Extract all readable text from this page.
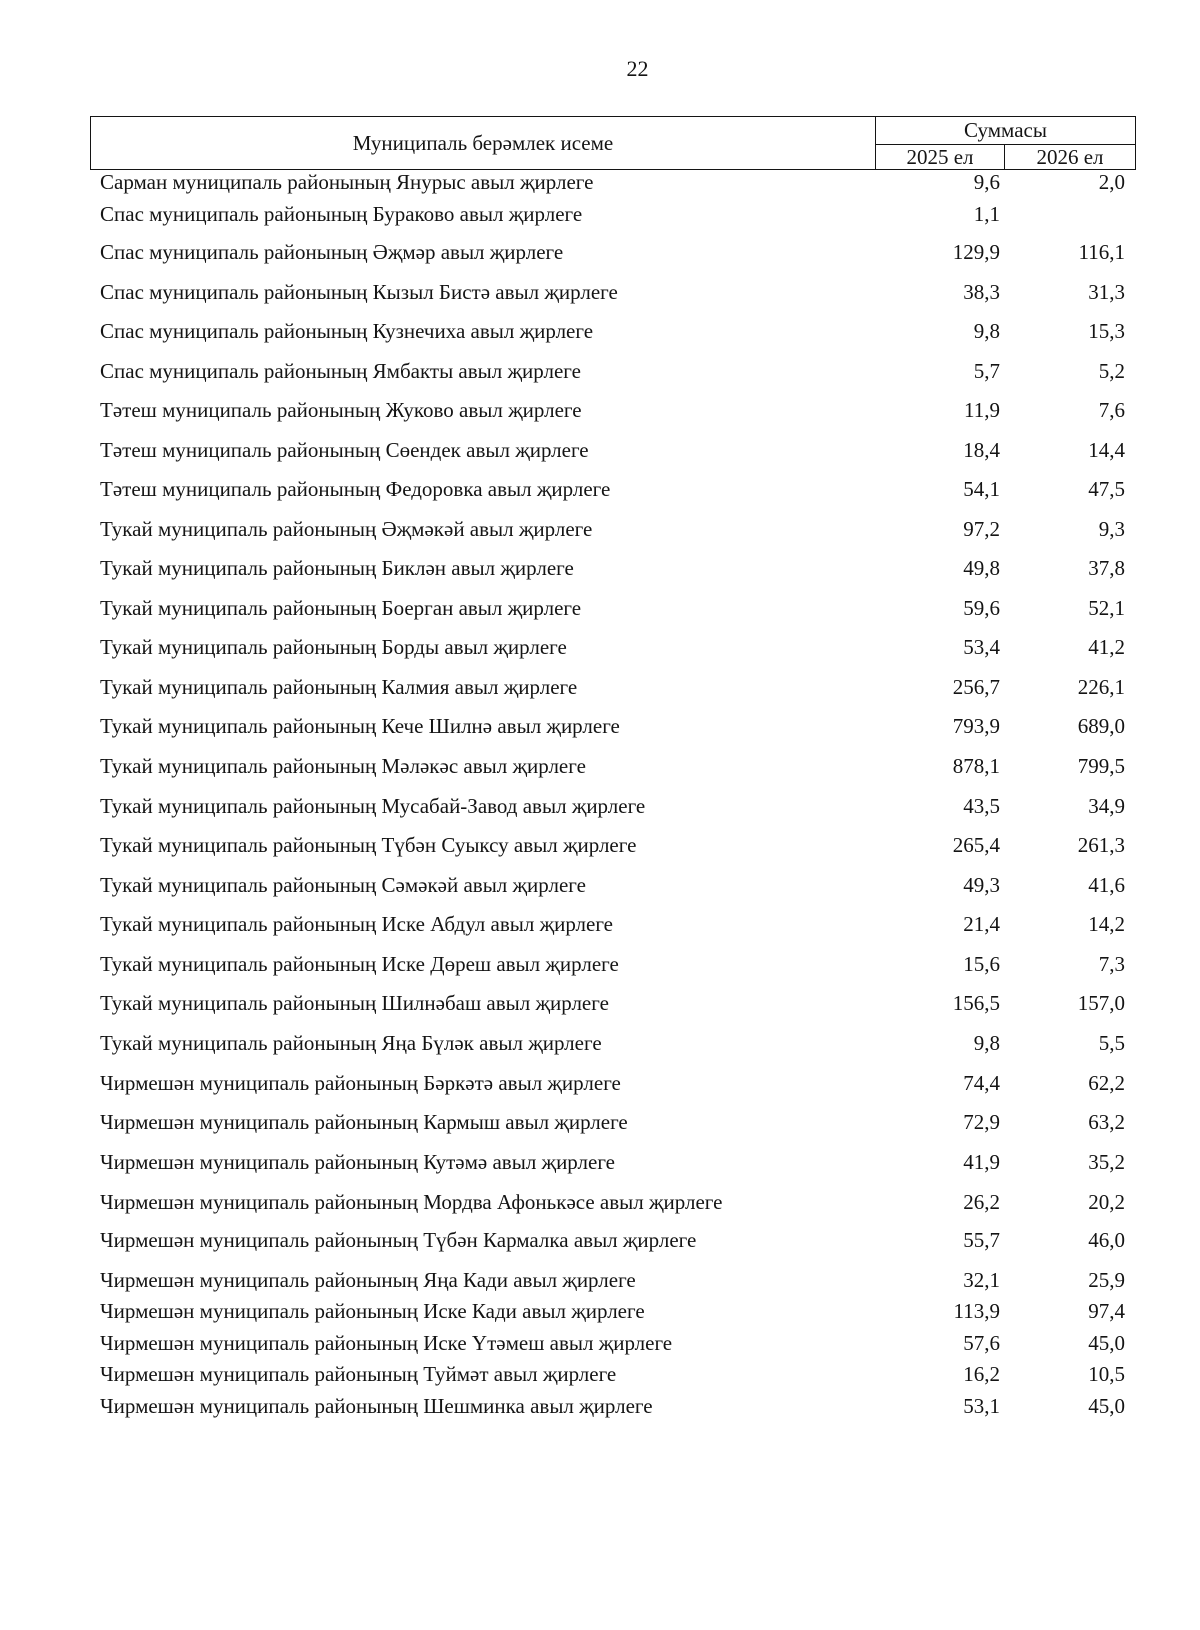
22
Муниципаль берәмлек исеме
Суммасы
2025 ел	2026 ел
Сарман муниципаль районының Янурыс авыл җирлеге	9,6	2,0
Спас муниципаль районының Бураково авыл җирлеге	1,1
Спас муниципаль районының Әҗмәр авыл җирлеге	129,9	116,1
Спас муниципаль районының Кызыл Бистә авыл җирлеге	38,3	31,3
Спас муниципаль районының Кузнечиха авыл җирлеге	9,8	15,3
Спас муниципаль районының Ямбакты авыл җирлеге	5,7	5,2
Тәтеш муниципаль районының Жуково авыл җирлеге	11,9	7,6
Тәтеш муниципаль районының Сөендек авыл җирлеге	18,4	14,4
Тәтеш муниципаль районының Федоровка авыл җирлеге	54,1	47,5
Тукай муниципаль районының Әҗмәкәй авыл җирлеге	97,2	9,3
Тукай муниципаль районының Биклән авыл җирлеге	49,8	37,8
Тукай муниципаль районының Боерган авыл җирлеге	59,6	52,1
Тукай муниципаль районының Борды авыл җирлеге	53,4	41,2
Тукай муниципаль районының Калмия авыл җирлеге	256,7	226,1
Тукай муниципаль районының Кече Шилнә авыл җирлеге	793,9	689,0
Тукай муниципаль районының Мәләкәс авыл җирлеге	878,1	799,5
Тукай муниципаль районының Мусабай-Завод авыл җирлеге	43,5	34,9
Тукай муниципаль районының Түбән Суыксу авыл җирлеге	265,4	261,3
Тукай муниципаль районының Сәмәкәй авыл җирлеге	49,3	41,6
Тукай муниципаль районының Иске Абдул авыл җирлеге	21,4	14,2
Тукай муниципаль районының Иске Дөреш авыл җирлеге	15,6	7,3
Тукай муниципаль районының Шилнәбаш авыл җирлеге	156,5	157,0
Тукай муниципаль районының Яңа Бүләк авыл җирлеге	9,8	5,5
Чирмешән муниципаль районының Бәркәтә авыл җирлеге	74,4	62,2
Чирмешән муниципаль районының Кармыш авыл җирлеге	72,9	63,2
Чирмешән муниципаль районының Кутәмә авыл җирлеге	41,9	35,2
Чирмешән муниципаль районының Мордва Афонькәсе авыл җирлеге	26,2	20,2
Чирмешән муниципаль районының Түбән Кармалка авыл җирлеге	55,7	46,0
Чирмешән муниципаль районының Яңа Кади авыл җирлеге	32,1	25,9
Чирмешән муниципаль районының Иске Кади авыл җирлеге	113,9	97,4
Чирмешән муниципаль районының Иске Үтәмеш авыл җирлеге	57,6	45,0
Чирмешән муниципаль районының Туймәт авыл җирлеге	16,2	10,5
Чирмешән муниципаль районының Шешминка авыл җирлеге	53,1	45,0
